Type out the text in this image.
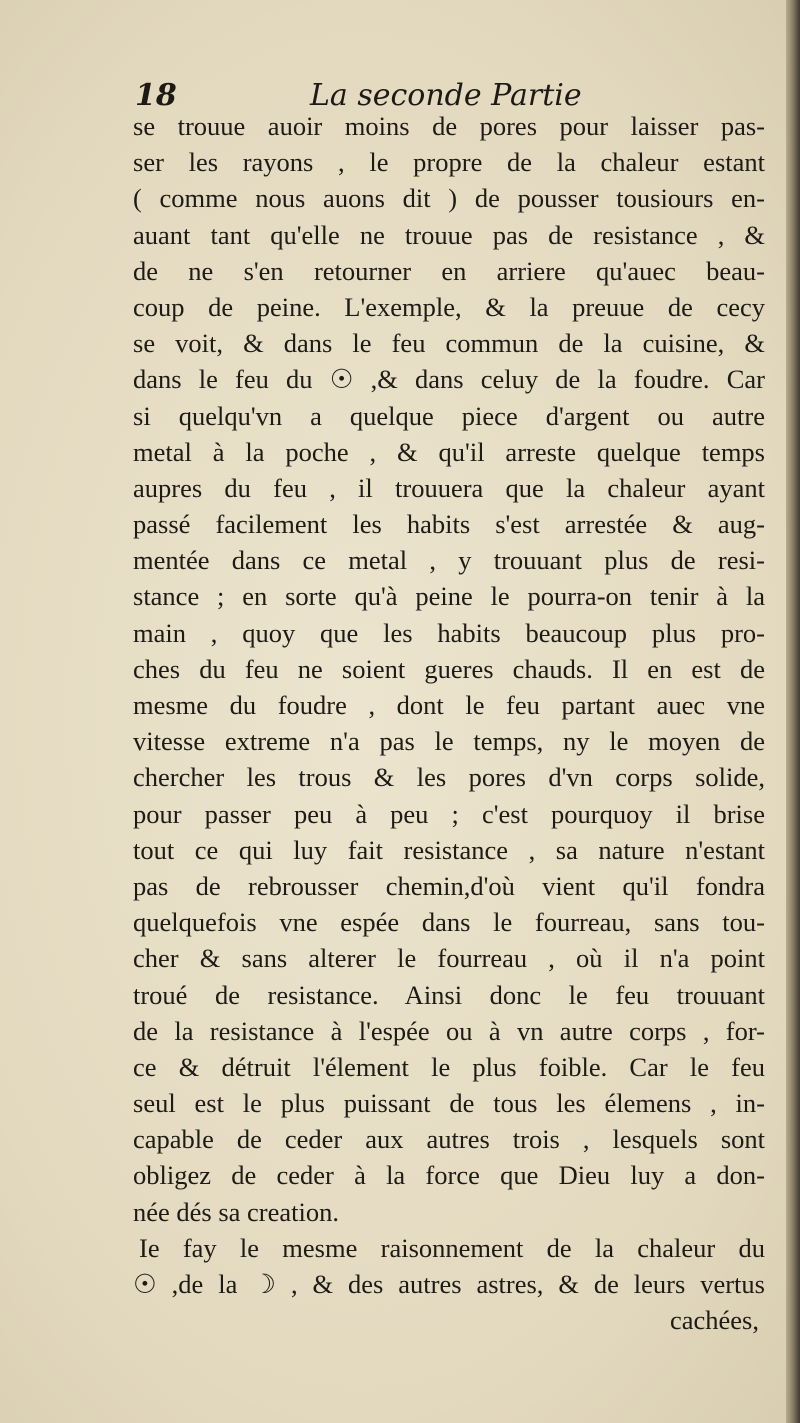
18	La seconde Partie
se trouue auoir moins de pores pour laisser pas-
ser les rayons , le propre de la chaleur estant
( comme nous auons dit ) de pousser tousiours en-
auant tant qu'elle ne trouue pas de resistance , &
de ne s'en retourner en arriere qu'auec beau-
coup de peine. L'exemple, & la preuue de cecy
se voit, & dans le feu commun de la cuisine, &
dans le feu du ☉ ,& dans celuy de la foudre. Car
si quelqu'vn a quelque piece d'argent ou autre
metal à la poche , & qu'il arreste quelque temps
aupres du feu , il trouuera que la chaleur ayant
passé facilement les habits s'est arrestée & aug-
mentée dans ce metal , y trouuant plus de resi-
stance ; en sorte qu'à peine le pourra-on tenir à la
main , quoy que les habits beaucoup plus pro-
ches du feu ne soient gueres chauds. Il en est de
mesme du foudre , dont le feu partant auec vne
vitesse extreme n'a pas le temps, ny le moyen de
chercher les trous & les pores d'vn corps solide,
pour passer peu à peu ; c'est pourquoy il brise
tout ce qui luy fait resistance , sa nature n'estant
pas de rebrousser chemin,d'où vient qu'il fondra
quelquefois vne espée dans le fourreau, sans tou-
cher & sans alterer le fourreau , où il n'a point
troué de resistance. Ainsi donc le feu trouuant
de la resistance à l'espée ou à vn autre corps , for-
ce & détruit l'élement le plus foible. Car le feu
seul est le plus puissant de tous les élemens , in-
capable de ceder aux autres trois , lesquels sont
obligez de ceder à la force que Dieu luy a don-
née dés sa creation.
Ie fay le mesme raisonnement de la chaleur du
☉ ,de la ☽ , & des autres astres, & de leurs vertus
cachées,
